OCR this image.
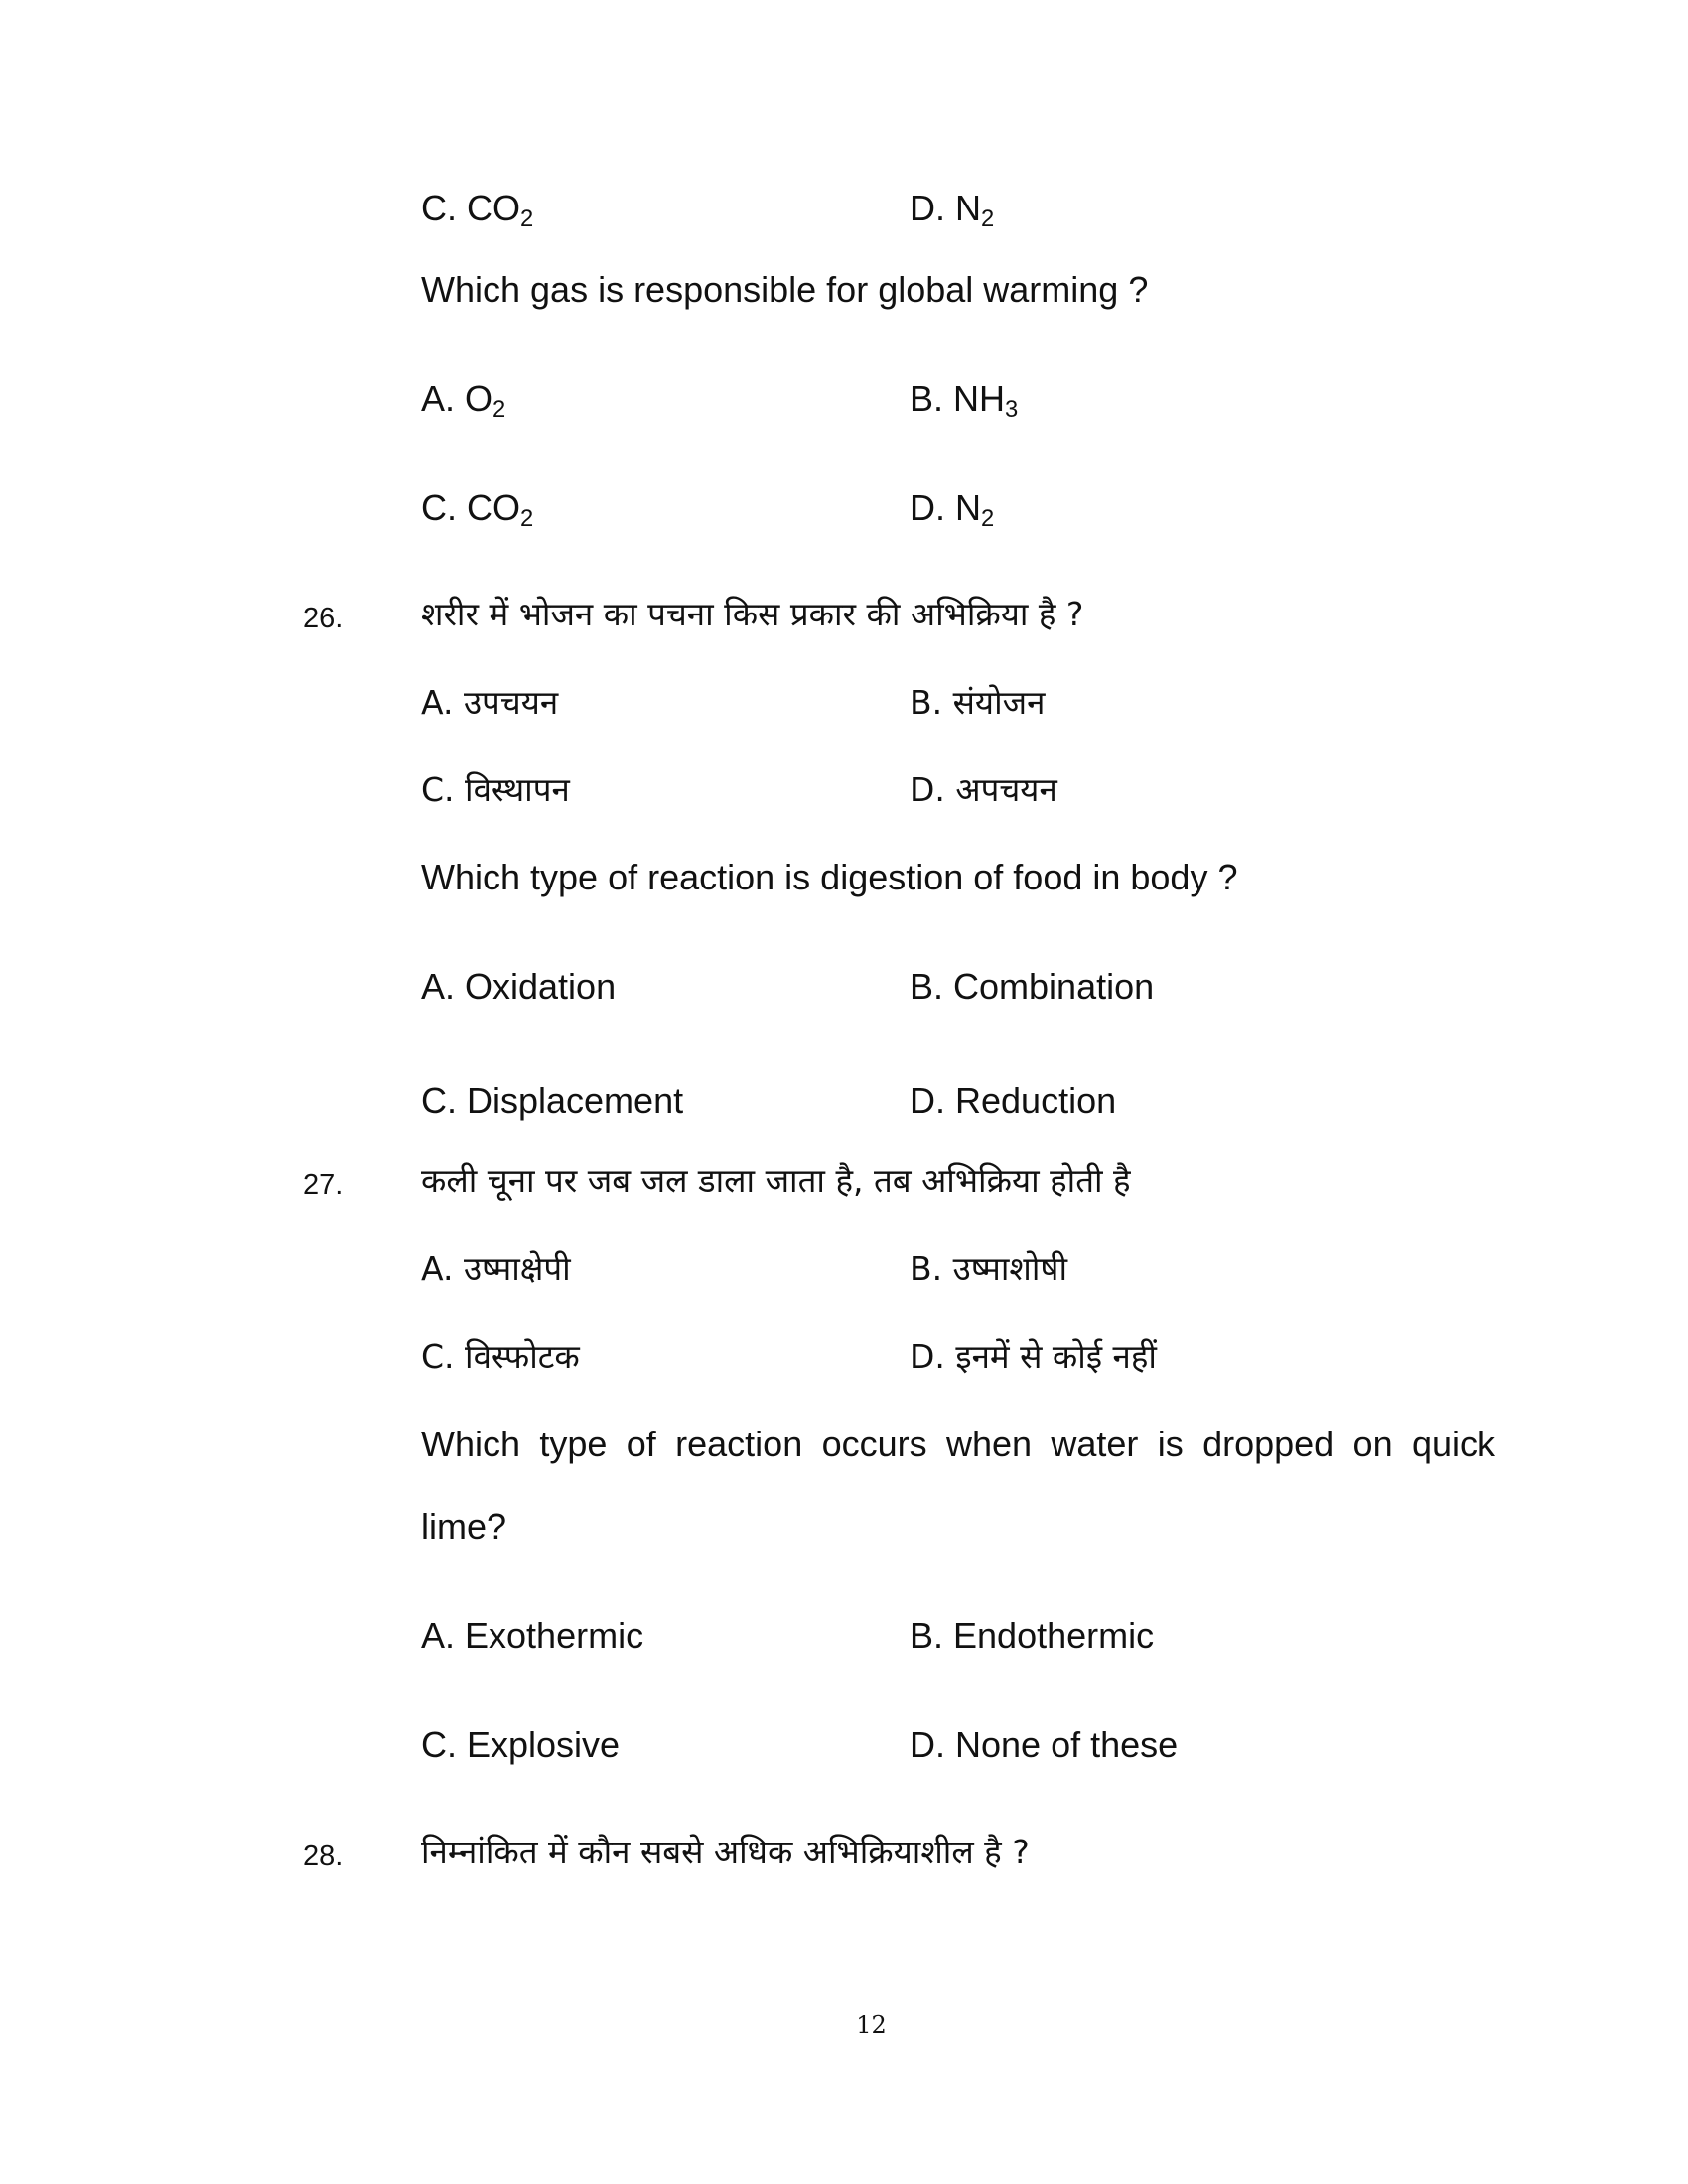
C. $CO_2$	D. $N_2$
Which gas is responsible for global warming ?
A. $O_2$	B. $NH_3$
C. $CO_2$	D. $N_2$
26. शरीर में भोजन का पचना किस प्रकार की अभिक्रिया है ?
A. उपचयन	B. संयोजन
C. विस्थापन	D. अपचयन
Which type of reaction is digestion of food in body ?
A. Oxidation	B. Combination
C. Displacement	D. Reduction
27. कली चूना पर जब जल डाला जाता है, तब अभिक्रिया होती है
A. उष्माक्षेपी	B. उष्माशोषी
C. विस्फोटक	D. इनमें से कोई नहीं
Which type of reaction occurs when water is dropped on quick
lime?
A. Exothermic	B. Endothermic
C. Explosive	D. None of these
28. निम्नांकित में कौन सबसे अधिक अभिक्रियाशील है ?
12
